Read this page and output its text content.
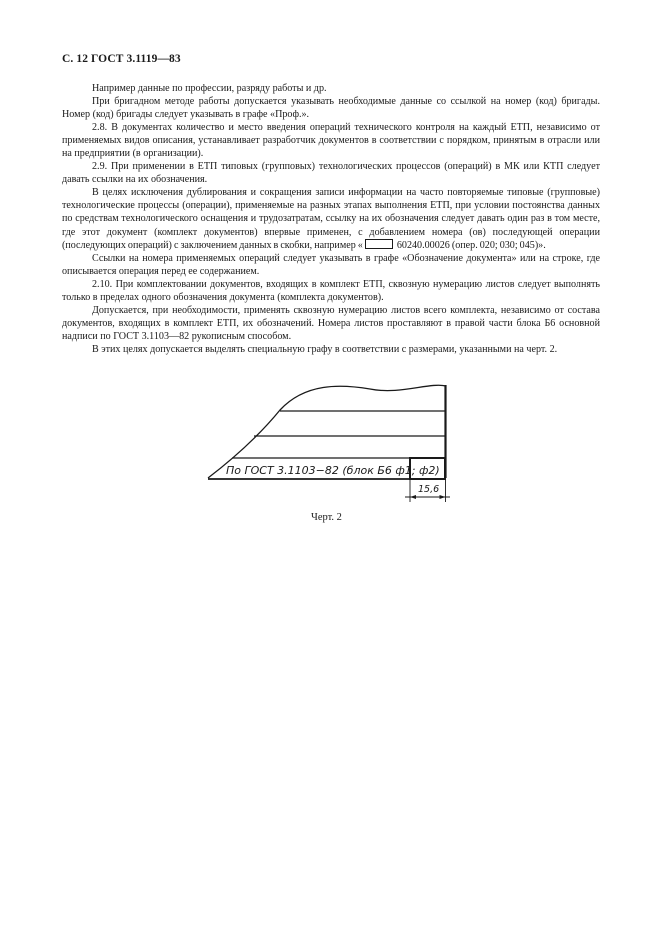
С. 12 ГОСТ 3.1119—83

Например данные по профессии, разряду работы и др.

При бригадном методе работы допускается указывать необходимые данные со ссылкой на номер (код) бригады. Номер (код) бригады следует указывать в графе «Проф.».

2.8. В документах количество и место введения операций технического контроля на каждый ЕТП, независимо от применяемых видов описания, устанавливает разработчик документов в соответствии с порядком, принятым в отрасли или на предприятии (в организации).

2.9. При применении в ЕТП типовых (групповых) технологических процессов (операций) в МК или КТП следует давать ссылки на их обозначения.

В целях исключения дублирования и сокращения записи информации на часто повторяемые типовые (групповые) технологические процессы (операции), применяемые на разных этапах выполнения ЕТП, при условии постоянства данных по средствам технологического оснащения и трудозатратам, ссылку на их обозначения следует давать один раз в том месте, где этот документ (комплект документов) впервые применен, с добавлением номера (ов) последующей операции (последующих операций) с заключением данных в скобки, например «	60240.00026 (опер. 020; 030; 045)».

Ссылки на номера применяемых операций следует указывать в графе «Обозначение документа» или на строке, где описывается операция перед ее содержанием.

2.10. При комплектовании документов, входящих в комплект ЕТП, сквозную нумерацию листов следует выполнять только в пределах одного обозначения документа (комплекта документов).

Допускается, при необходимости, применять сквозную нумерацию листов всего комплекта, независимо от состава документов, входящих в комплект ЕТП, их обозначений. Номера листов проставляют в правой части блока Б6 основной надписи по ГОСТ 3.1103—82 рукописным способом.

В этих целях допускается выделять специальную графу в соответствии с размерами, указанными на черт. 2.

По ГОСТ 3.1103−82 (блок Б6 ф1; ф2)
15,6
Черт. 2
